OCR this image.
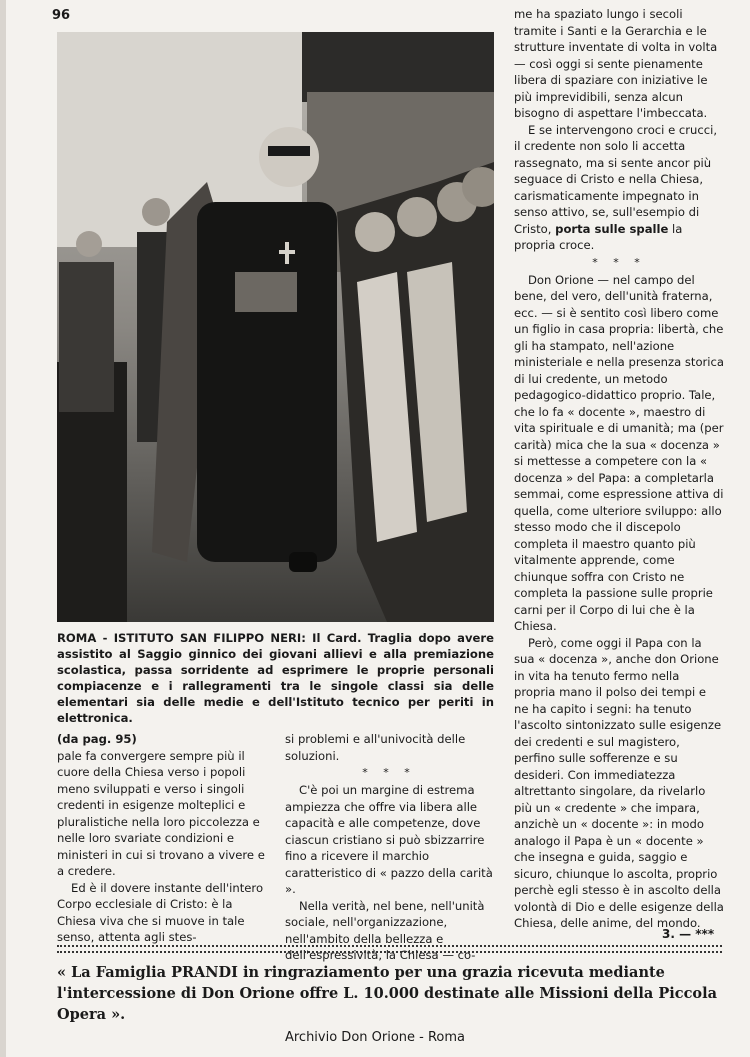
96
ROMA - ISTITUTO SAN FILIPPO NERI: Il Card. Traglia dopo avere assistito al Saggio ginnico dei giovani allievi e alla premiazione scolastica, passa sorridente ad esprimere le proprie personali compiacenze e i rallegramenti tra le singole classi sia delle elementari sia delle medie e dell'Istituto tecnico per periti in elettronica.

(da pag. 95)

pale fa convergere sempre più il cuore della Chiesa verso i popoli meno sviluppati e verso i singoli credenti in esigenze molteplici e pluralistiche nella loro piccolezza e nelle loro svariate condizioni e ministeri in cui si trovano a vivere e a credere.

Ed è il dovere instante dell'intero Corpo ecclesiale di Cristo: è la Chiesa viva che si muove in tale senso, attenta agli stes-

si problemi e all'univocità delle soluzioni.

* * *

C'è poi un margine di estrema ampiezza che offre via libera alle capacità e alle competenze, dove ciascun cristiano si può sbizzarrire fino a ricevere il marchio caratteristico di « pazzo della carità ».

Nella verità, nel bene, nell'unità sociale, nell'organizzazione, nell'ambito della bellezza e dell'espressività, la Chiesa — co-

me ha spaziato lungo i secoli tramite i Santi e la Gerarchia e le strutture inventate di volta in volta — così oggi si sente pienamente libera di spaziare con iniziative le più imprevidibili, senza alcun bisogno di aspettare l'imbeccata.

E se intervengono croci e crucci, il credente non solo li accetta rassegnato, ma si sente ancor più seguace di Cristo e nella Chiesa, carismaticamente impegnato in senso attivo, se, sull'esempio di Cristo, porta sulle spalle la propria croce.

* * *

Don Orione — nel campo del bene, del vero, dell'unità fraterna, ecc. — si è sentito così libero come un figlio in casa propria: libertà, che gli ha stampato, nell'azione ministeriale e nella presenza storica di lui credente, un metodo pedagogico-didattico proprio. Tale, che lo fa « docente », maestro di vita spirituale e di umanità; ma (per carità) mica che la sua « docenza » si mettesse a competere con la « docenza » del Papa: a completarla semmai, come espressione attiva di quella, come ulteriore sviluppo: allo stesso modo che il discepolo completa il maestro quanto più vitalmente apprende, come chiunque soffra con Cristo ne completa la passione sulle proprie carni per il Corpo di lui che è la Chiesa.

Però, come oggi il Papa con la sua « docenza », anche don Orione in vita ha tenuto fermo nella propria mano il polso dei tempi e ne ha capito i segni: ha tenuto l'ascolto sintonizzato sulle esigenze dei credenti e sul magistero, perfino sulle sofferenze e su desideri. Con immediatezza altrettanto singolare, da rivelarlo più un « credente » che impara, anzichè un « docente »: in modo analogo il Papa è un « docente » che insegna e guida, saggio e sicuro, chiunque lo ascolta, proprio perchè egli stesso è in ascolto della volontà di Dio e delle esigenze della Chiesa, delle anime, del mondo.

3. — ***
« La Famiglia PRANDI in ringraziamento per una grazia ricevuta mediante l'intercessione di Don Orione offre L. 10.000 destinate alle Missioni della Piccola Opera ».
Archivio Don Orione - Roma
